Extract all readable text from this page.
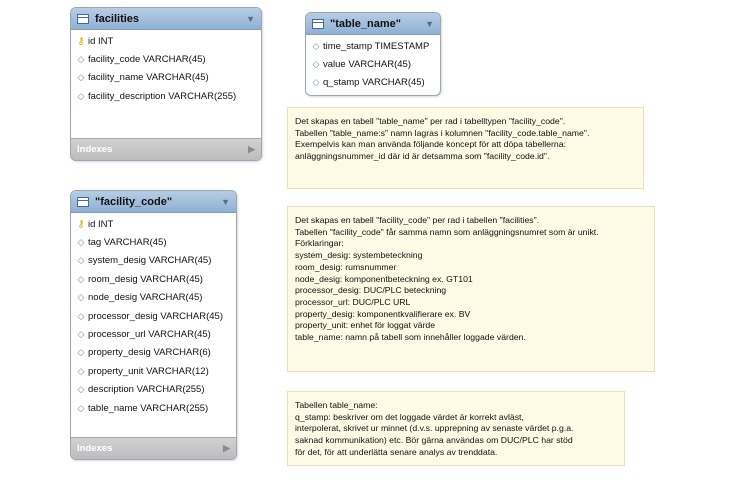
facilities	▼
⚷ id INT
◇ facility_code VARCHAR(45)
◇ facility_name VARCHAR(45)
◇ facility_description VARCHAR(255)
Indexes	▶
"table_name"	▼
◇ time_stamp TIMESTAMP
◇ value VARCHAR(45)
◇ q_stamp VARCHAR(45)
"facility_code"	▼
⚷ id INT
◇ tag VARCHAR(45)
◇ system_desig VARCHAR(45)
◇ room_desig VARCHAR(45)
◇ node_desig VARCHAR(45)
◇ processor_desig VARCHAR(45)
◇ processor_url VARCHAR(45)
◇ property_desig VARCHAR(6)
◇ property_unit VARCHAR(12)
◇ description VARCHAR(255)
◇ table_name VARCHAR(255)
Indexes	▶
Det skapas en tabell "table_name" per rad i tabelltypen "facility_code".
Tabellen "table_name:s" namn lagras i kolumnen "facility_code.table_name".
Exempelvis kan man använda följande koncept för att döpa tabellerna:
anläggningsnummer_id där id är detsamma som "facility_code.id".
Det skapas en tabell "facility_code" per rad i tabellen "facilities".
Tabellen "facility_code" får samma namn som anläggningsnumret som är unikt.
Förklaringar:
system_desig: systembeteckning
room_desig: rumsnummer
node_desig: komponentbeteckning ex. GT101
processor_desig: DUC/PLC beteckning
processor_url: DUC/PLC URL
property_desig: komponentkvalifierare ex. BV
property_unit: enhet för loggat värde
table_name: namn på tabell som innehåller loggade värden.
Tabellen table_name:
q_stamp: beskriver om det loggade värdet är korrekt avläst,
interpolerat, skrivet ur minnet (d.v.s. upprepning av senaste värdet p.g.a.
saknad kommunikation) etc. Bör gärna användas om DUC/PLC har stöd
för det, för att underlätta senare analys av trenddata.
